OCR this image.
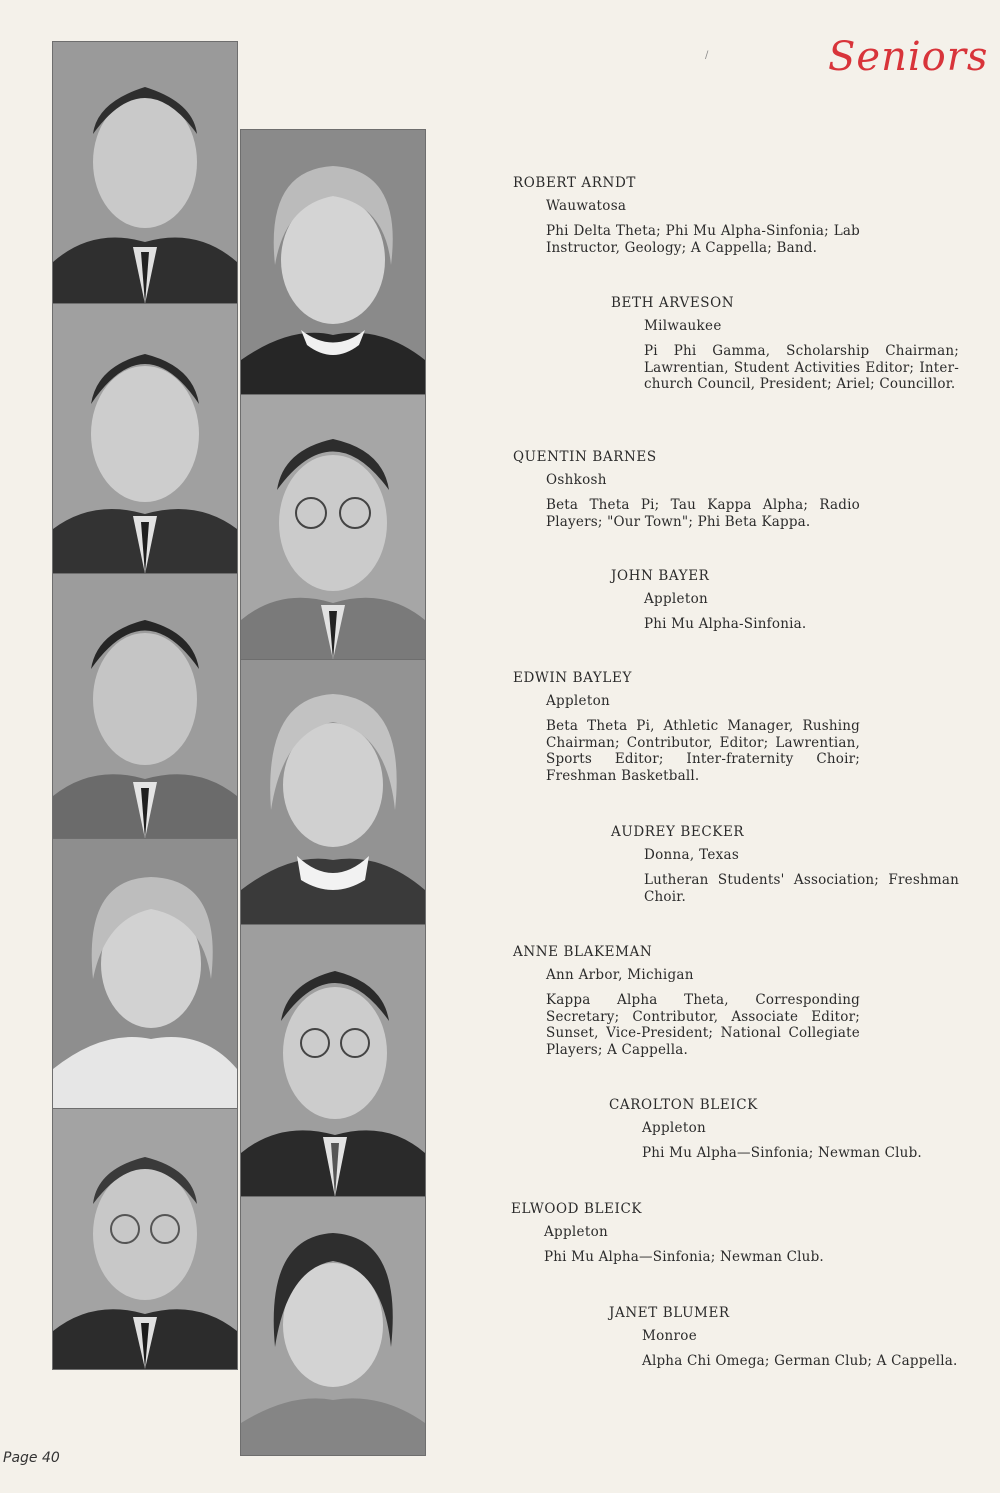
Seniors
/
ROBERT ARNDT
Wauwatosa
Phi Delta Theta; Phi Mu Alpha-Sinfonia; Lab Instructor, Geology; A Cappella; Band.
BETH ARVESON
Milwaukee
Pi Phi Gamma, Scholarship Chairman; Lawrentian, Student Activities Editor; Inter-church Council, President; Ariel; Councillor.
QUENTIN BARNES
Oshkosh
Beta Theta Pi; Tau Kappa Alpha; Radio Players; "Our Town"; Phi Beta Kappa.
JOHN BAYER
Appleton
Phi Mu Alpha-Sinfonia.
EDWIN BAYLEY
Appleton
Beta Theta Pi, Athletic Manager, Rushing Chairman; Contributor, Editor; Lawrentian, Sports Editor; Inter-fraternity Choir; Freshman Basketball.
AUDREY BECKER
Donna, Texas
Lutheran Students' Association; Freshman Choir.
ANNE BLAKEMAN
Ann Arbor, Michigan
Kappa Alpha Theta, Corresponding Secretary; Contributor, Associate Editor; Sunset, Vice-President; National Collegiate Players; A Cappella.
CAROLTON BLEICK
Appleton
Phi Mu Alpha—Sinfonia; Newman Club.
ELWOOD BLEICK
Appleton
Phi Mu Alpha—Sinfonia; Newman Club.
JANET BLUMER
Monroe
Alpha Chi Omega; German Club; A Cappella.
Page 40
